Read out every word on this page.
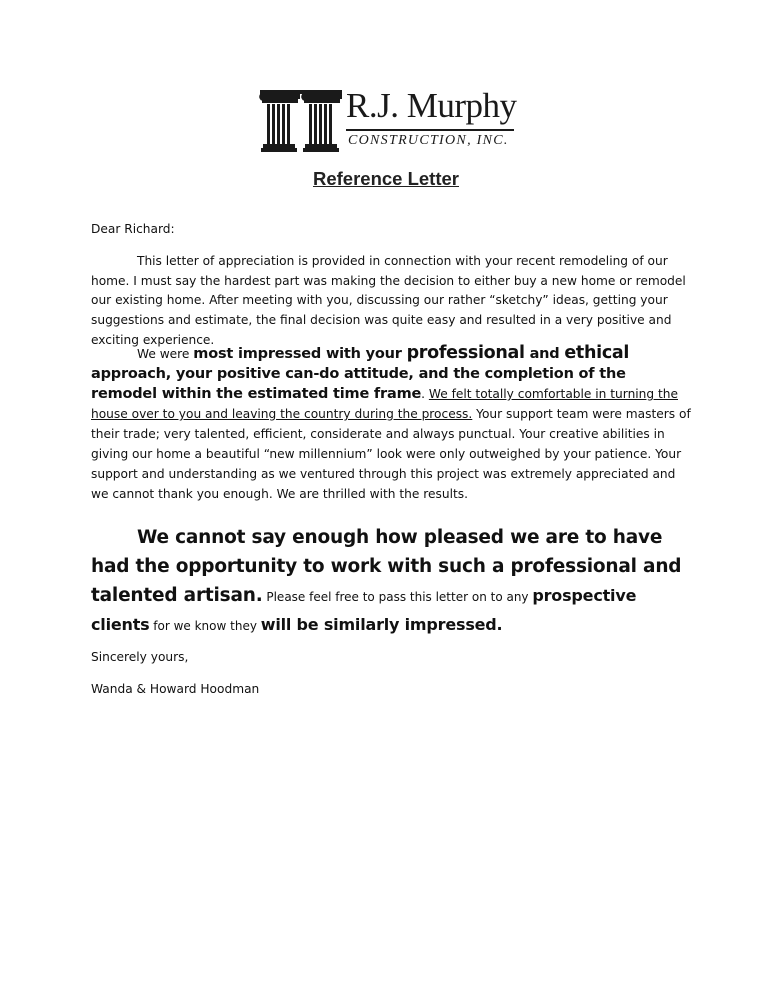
R.J. Murphy
CONSTRUCTION, INC.
Reference Letter

Dear Richard:

This letter of appreciation is provided in connection with your recent remodeling of our home. I must say the hardest part was making the decision to either buy a new home or remodel our existing home. After meeting with you, discussing our rather “sketchy” ideas, getting your suggestions and estimate, the final decision was quite easy and resulted in a very positive and exciting experience.

We were most impressed with your professional and ethical approach, your positive can-do attitude, and the completion of the remodel within the estimated time frame. We felt totally comfortable in turning the house over to you and leaving the country during the process. Your support team were masters of their trade; very talented, efficient, considerate and always punctual. Your creative abilities in giving our home a beautiful “new millennium” look were only outweighed by your patience. Your support and understanding as we ventured through this project was extremely appreciated and we cannot thank you enough. We are thrilled with the results.

We cannot say enough how pleased we are to have had the opportunity to work with such a professional and talented artisan. Please feel free to pass this letter on to any prospective clients for we know they will be similarly impressed.

Sincerely yours,

Wanda & Howard Hoodman
